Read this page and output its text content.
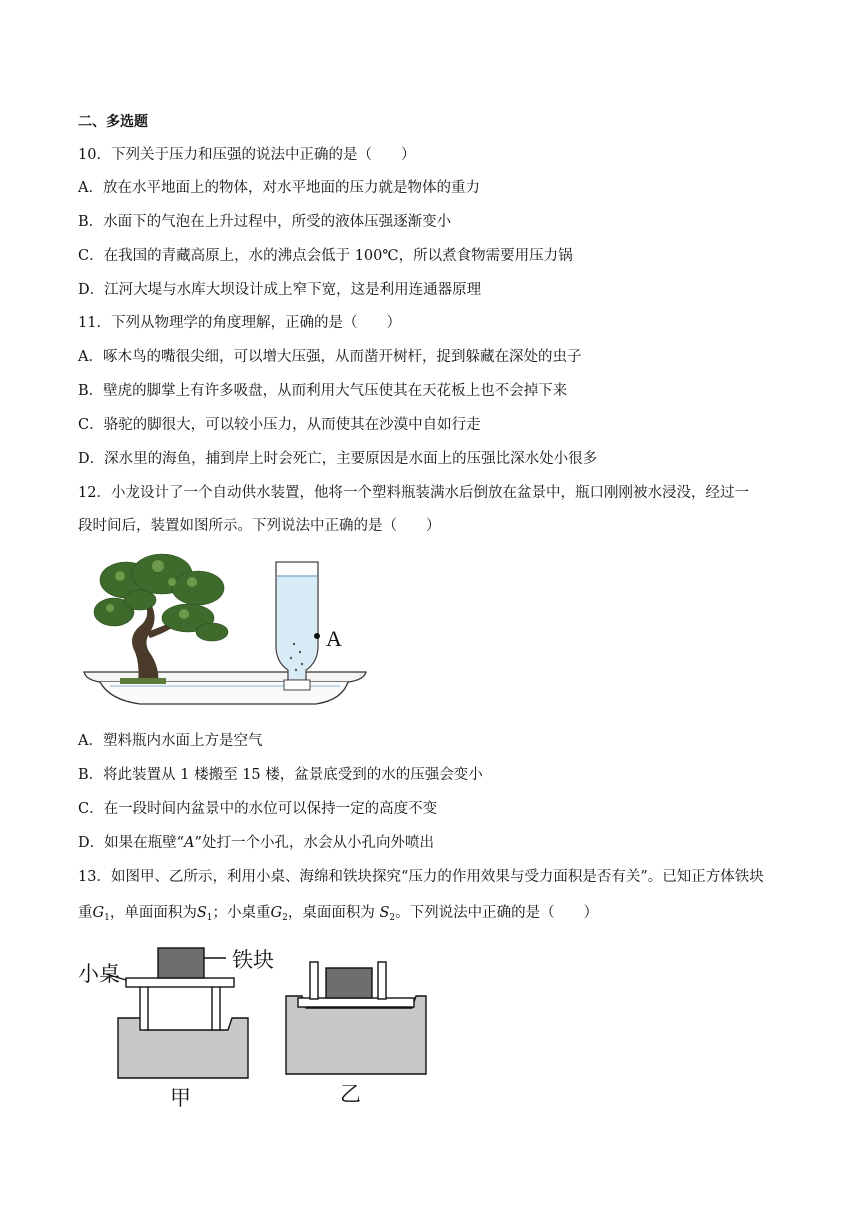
二、多选题
10．下列关于压力和压强的说法中正确的是（　　）
A．放在水平地面上的物体，对水平地面的压力就是物体的重力
B．水面下的气泡在上升过程中，所受的液体压强逐渐变小
C．在我国的青藏高原上，水的沸点会低于 100℃，所以煮食物需要用压力锅
D．江河大堤与水库大坝设计成上窄下宽，这是利用连通器原理
11．下列从物理学的角度理解，正确的是（　　）
A．啄木鸟的嘴很尖细，可以增大压强，从而凿开树杆，捉到躲藏在深处的虫子
B．壁虎的脚掌上有许多吸盘，从而利用大气压使其在天花板上也不会掉下来
C．骆驼的脚很大，可以较小压力，从而使其在沙漠中自如行走
D．深水里的海鱼，捕到岸上时会死亡，主要原因是水面上的压强比深水处小很多
12．小龙设计了一个自动供水装置，他将一个塑料瓶装满水后倒放在盆景中，瓶口刚刚被水浸没，经过一
段时间后，装置如图所示。下列说法中正确的是（　　）
A
A．塑料瓶内水面上方是空气
B．将此装置从 1 楼搬至 15 楼，盆景底受到的水的压强会变小
C．在一段时间内盆景中的水位可以保持一定的高度不变
D．如果在瓶壁“A”处打一个小孔，水会从小孔向外喷出
13．如图甲、乙所示，利用小桌、海绵和铁块探究“压力的作用效果与受力面积是否有关”。已知正方体铁块
重$G_1$，单面面积为$S_1$；小桌重$G_2$，桌面面积为 $S_2$。下列说法中正确的是（　　）
小桌
铁块
甲	乙
